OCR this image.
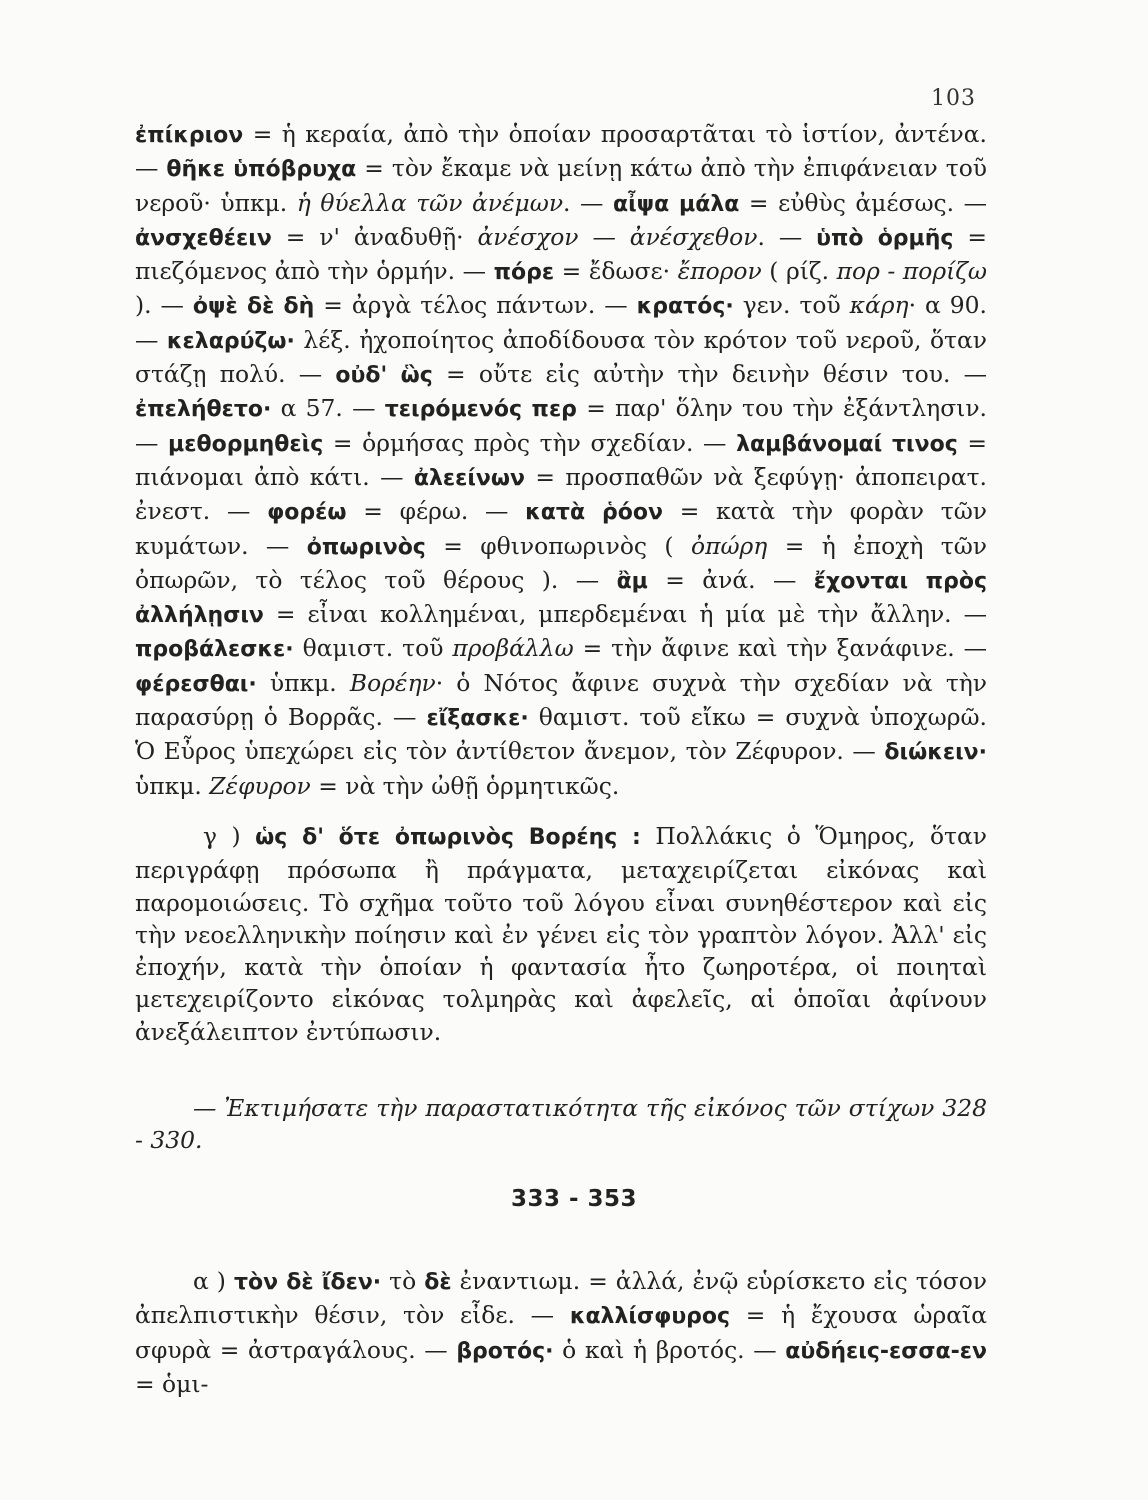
103
ἐπίκριον = ἡ κεραία, ἀπὸ τὴν ὁποίαν προσαρτᾶται τὸ ἱστίον, ἀντένα. — θῆκε ὑπόβρυχα = τὸν ἔκαμε νὰ μείνῃ κάτω ἀπὸ τὴν ἐπιφάνειαν τοῦ νεροῦ· ὑπκμ. ἡ θύελλα τῶν ἀνέμων. — αἶψα μάλα = εὐθὺς ἀμέσως. — ἀνσχεθέειν = ν' ἀναδυθῇ· ἀνέσχον — ἀνέσχεθον. — ὑπὸ ὁρμῆς = πιεζόμενος ἀπὸ τὴν ὁρμήν. — πόρε = ἔδωσε· ἔπορον ( ρίζ. πορ - πορίζω ). — ὀψὲ δὲ δὴ = ἀργὰ τέλος πάντων. — κρατός· γεν. τοῦ κάρη· α 90. — κελαρύζω· λέξ. ἠχοποίητος ἀποδίδουσα τὸν κρότον τοῦ νεροῦ, ὅταν στάζῃ πολύ. — οὐδ' ὣς = οὔτε εἰς αὐτὴν τὴν δεινὴν θέσιν του. — ἐπελήθετο· α 57. — τειρόμενός περ = παρ' ὅλην του τὴν ἐξάντλησιν. — μεθορμηθεὶς = ὁρμήσας πρὸς τὴν σχεδίαν. — λαμβάνομαί τινος = πιάνομαι ἀπὸ κάτι. — ἀλεείνων = προσπαθῶν νὰ ξεφύγῃ· ἀποπειρατ. ἐνεστ. — φορέω = φέρω. — κατὰ ῥόον = κατὰ τὴν φορὰν τῶν κυμάτων. — ὀπωρινὸς = φθινοπωρινὸς ( ὀπώρη = ἡ ἐποχὴ τῶν ὀπωρῶν, τὸ τέλος τοῦ θέρους ). — ἂμ = ἀνά. — ἔχονται πρὸς ἀλλήλῃσιν = εἶναι κολλημέναι, μπερδεμέναι ἡ μία μὲ τὴν ἄλλην. — προβάλεσκε· θαμιστ. τοῦ προβάλλω = τὴν ἄφινε καὶ τὴν ξανάφινε. — φέρεσθαι· ὑπκμ. Βορέην· ὁ Νότος ἄφινε συχνὰ τὴν σχεδίαν νὰ τὴν παρασύρῃ ὁ Βορρᾶς. — εἴξασκε· θαμιστ. τοῦ εἴκω = συχνὰ ὑποχωρῶ. Ὁ Εὖρος ὑπεχώρει εἰς τὸν ἀντίθετον ἄνεμον, τὸν Ζέφυρον. — διώκειν· ὑπκμ. Ζέφυρον = νὰ τὴν ὠθῇ ὁρμητικῶς.

γ ) ὡς δ' ὅτε ὀπωρινὸς Βορέης : Πολλάκις ὁ Ὅμηρος, ὅταν περιγράφῃ πρόσωπα ἢ πράγματα, μεταχειρίζεται εἰκόνας καὶ παρομοιώσεις. Τὸ σχῆμα τοῦτο τοῦ λόγου εἶναι συνηθέστερον καὶ εἰς τὴν νεοελληνικὴν ποίησιν καὶ ἐν γένει εἰς τὸν γραπτὸν λόγον. Ἀλλ' εἰς ἐποχήν, κατὰ τὴν ὁποίαν ἡ φαντασία ἦτο ζωηροτέρα, οἱ ποιηταὶ μετεχειρίζοντο εἰκόνας τολμηρὰς καὶ ἀφελεῖς, αἱ ὁποῖαι ἀφίνουν ἀνεξάλειπτον ἐντύπωσιν.

— Ἐκτιμήσατε τὴν παραστατικότητα τῆς εἰκόνος τῶν στίχων 328 - 330.

333 - 353

α ) τὸν δὲ ἴδεν· τὸ δὲ ἐναντιωμ. = ἀλλά, ἐνῷ εὑρίσκετο εἰς τόσον ἀπελπιστικὴν θέσιν, τὸν εἶδε. — καλλίσφυρος = ἡ ἔχουσα ὡραῖα σφυρὰ = ἀστραγάλους. — βροτός· ὁ καὶ ἡ βροτός. — αὐδήεις-εσσα-εν = ὁμι-
